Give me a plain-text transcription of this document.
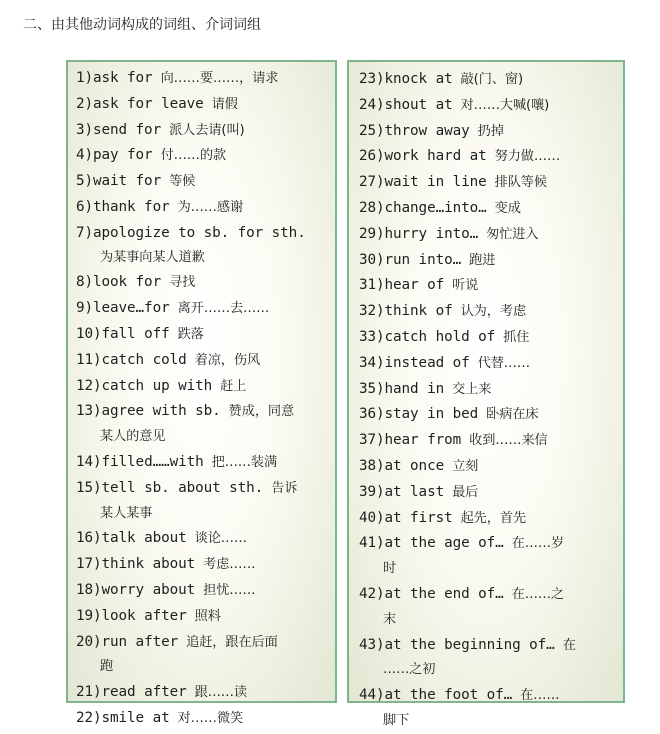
二、由其他动词构成的词组、介词词组
1)ask for 向……要……，请求
2)ask for leave 请假
3)send for 派人去请(叫)
4)pay for 付……的款
5)wait for 等候
6)thank for 为……感谢
7)apologize to sb. for sth.
为某事向某人道歉
8)look for 寻找
9)leave…for 离开……去……
10)fall off 跌落
11)catch cold 着凉，伤风
12)catch up with 赶上
13)agree with sb. 赞成，同意
某人的意见
14)filled……with 把……装满
15)tell sb. about sth. 告诉
某人某事
16)talk about 谈论……
17)think about 考虑……
18)worry about 担忧……
19)look after 照料
20)run after 追赶，跟在后面
跑
21)read after 跟……读
22)smile at 对……微笑
23)knock at 敲(门、窗)
24)shout at 对……大喊(嚷)
25)throw away 扔掉
26)work hard at 努力做……
27)wait in line 排队等候
28)change…into… 变成
29)hurry into… 匆忙进入
30)run into… 跑进
31)hear of 听说
32)think of 认为，考虑
33)catch hold of 抓住
34)instead of 代替……
35)hand in 交上来
36)stay in bed 卧病在床
37)hear from 收到……来信
38)at once 立刻
39)at last 最后
40)at first 起先，首先
41)at the age of… 在……岁
时
42)at the end of… 在……之
末
43)at the beginning of… 在
……之初
44)at the foot of… 在……
脚下
